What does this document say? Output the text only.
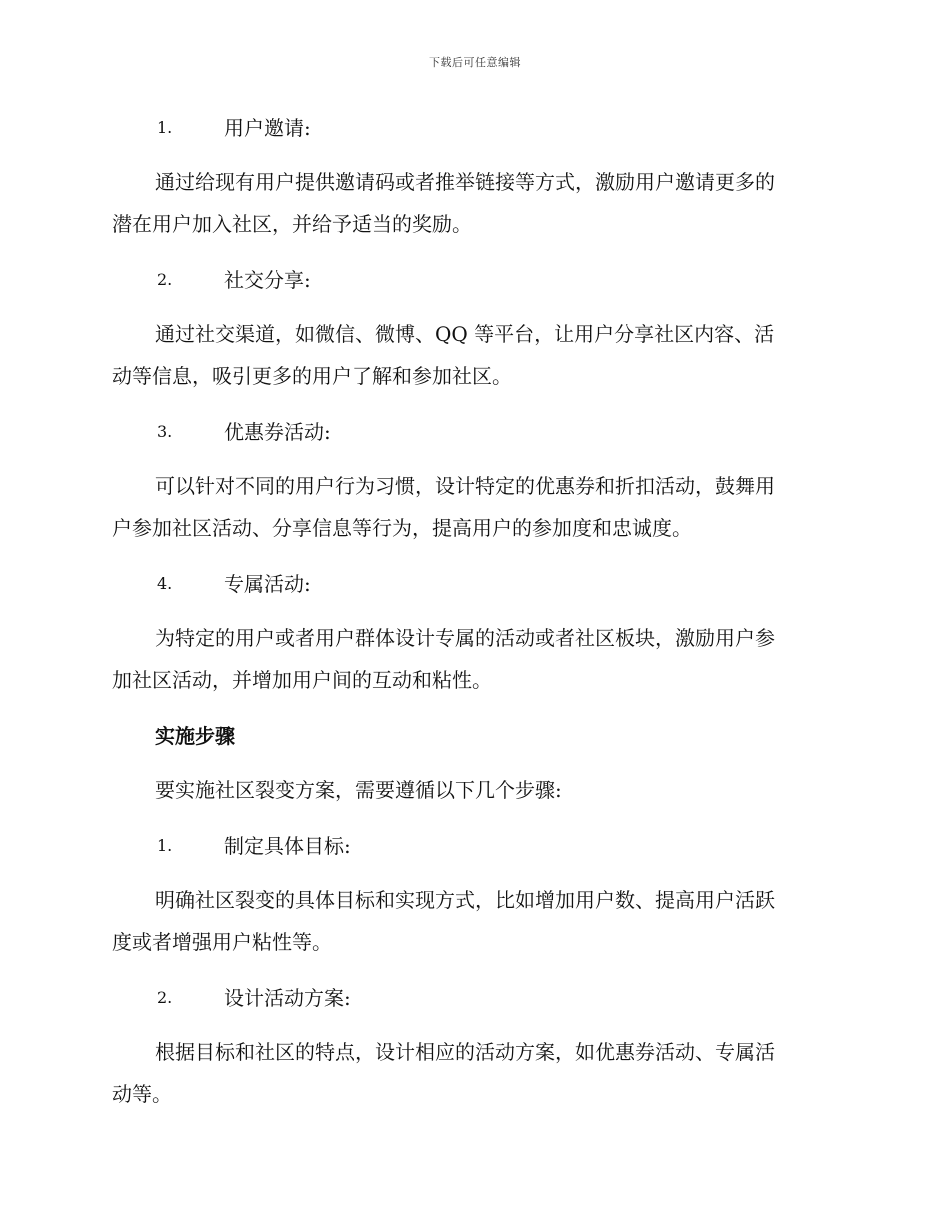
下载后可任意编辑
1.	用户邀请:
通过给现有用户提供邀请码或者推举链接等方式，激励用户邀请更多的
潜在用户加入社区，并给予适当的奖励。
2.	社交分享:
通过社交渠道，如微信、微博、QQ 等平台，让用户分享社区内容、活
动等信息，吸引更多的用户了解和参加社区。
3.	优惠券活动:
可以针对不同的用户行为习惯，设计特定的优惠券和折扣活动，鼓舞用
户参加社区活动、分享信息等行为，提高用户的参加度和忠诚度。
4.	专属活动:
为特定的用户或者用户群体设计专属的活动或者社区板块，激励用户参
加社区活动，并增加用户间的互动和粘性。
实施步骤
要实施社区裂变方案，需要遵循以下几个步骤:
1.	制定具体目标:
明确社区裂变的具体目标和实现方式，比如增加用户数、提高用户活跃
度或者增强用户粘性等。
2.	设计活动方案:
根据目标和社区的特点，设计相应的活动方案，如优惠券活动、专属活
动等。
